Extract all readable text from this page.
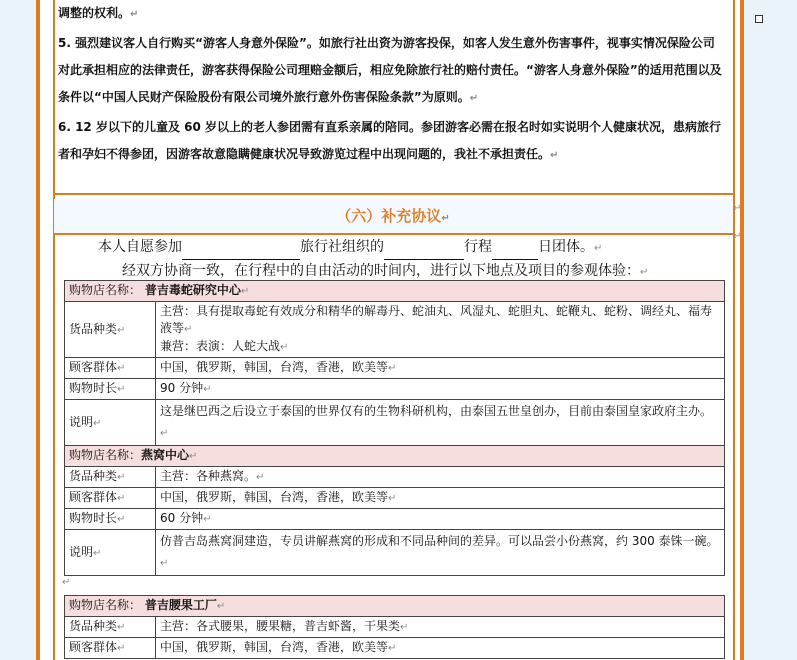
调整的权利。↵

5. 强烈建议客人自行购买“游客人身意外保险”。如旅行社出资为游客投保，如客人发生意外伤害事件，视事实情况保险公司对此承担相应的法律责任，游客获得保险公司理赔金额后，相应免除旅行社的赔付责任。“游客人身意外保险”的适用范围以及条件以“中国人民财产保险股份有限公司境外旅行意外伤害保险条款”为原则。↵

6. 12 岁以下的儿童及 60 岁以上的老人参团需有直系亲属的陪同。参团游客必需在报名时如实说明个人健康状况，患病旅行者和孕妇不得参团，因游客故意隐瞒健康状况导致游览过程中出现问题的，我社不承担责任。↵

（六）补充协议↵

本人自愿参加	旅行社组织的	行程	日团体。↵

经双方协商一致，在行程中的自由活动的时间内，进行以下地点及项目的参观体验：↵

购物店名称： 普吉毒蛇研究中心↵	
货品种类↵	主营：具有提取毒蛇有效成分和精华的解毒丹、蛇油丸、风湿丸、蛇胆丸、蛇鞭丸、蛇粉、调经丸、福寿液等↵
兼营：表演：人蛇大战↵
顾客群体↵	中国，俄罗斯，韩国，台湾，香港，欧美等↵
购物时长↵	90 分钟↵
说明↵	这是继巴西之后设立于泰国的世界仅有的生物科研机构，由泰国五世皇创办，目前由泰国皇家政府主办。↵
购物店名称：燕窝中心↵	
货品种类↵	主营：各种燕窝。↵
顾客群体↵	中国，俄罗斯，韩国，台湾，香港，欧美等↵
购物时长↵	60 分钟↵
说明↵	仿普吉岛燕窝洞建造，专员讲解燕窝的形成和不同品种间的差异。可以品尝小份燕窝，约 300 泰铢一碗。↵
↵
购物店名称： 普吉腰果工厂↵	
货品种类↵	主营：各式腰果，腰果糖，普吉虾酱，干果类↵
顾客群体↵	中国，俄罗斯，韩国，台湾，香港，欧美等↵
↵
↵
